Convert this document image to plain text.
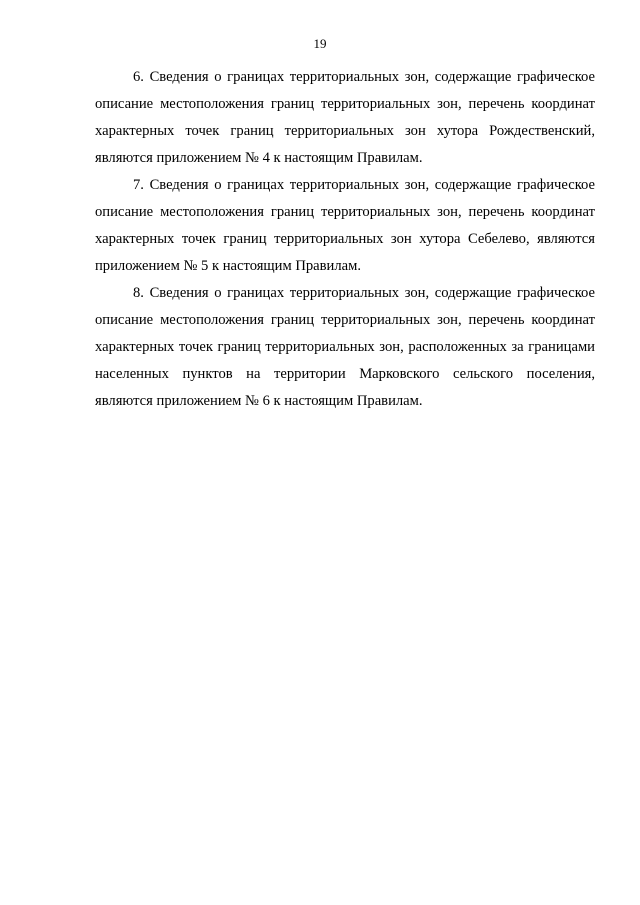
19

6. Сведения о границах территориальных зон, содержащие графическое описание местоположения границ территориальных зон, перечень координат характерных точек границ территориальных зон хутора Рождественский, являются приложением № 4 к настоящим Правилам.

7. Сведения о границах территориальных зон, содержащие графическое описание местоположения границ территориальных зон, перечень координат характерных точек границ территориальных зон хутора Себелево, являются приложением № 5 к настоящим Правилам.

8. Сведения о границах территориальных зон, содержащие графическое описание местоположения границ территориальных зон, перечень координат характерных точек границ территориальных зон, расположенных за границами населенных пунктов на территории Марковского сельского поселения, являются приложением № 6 к настоящим Правилам.
